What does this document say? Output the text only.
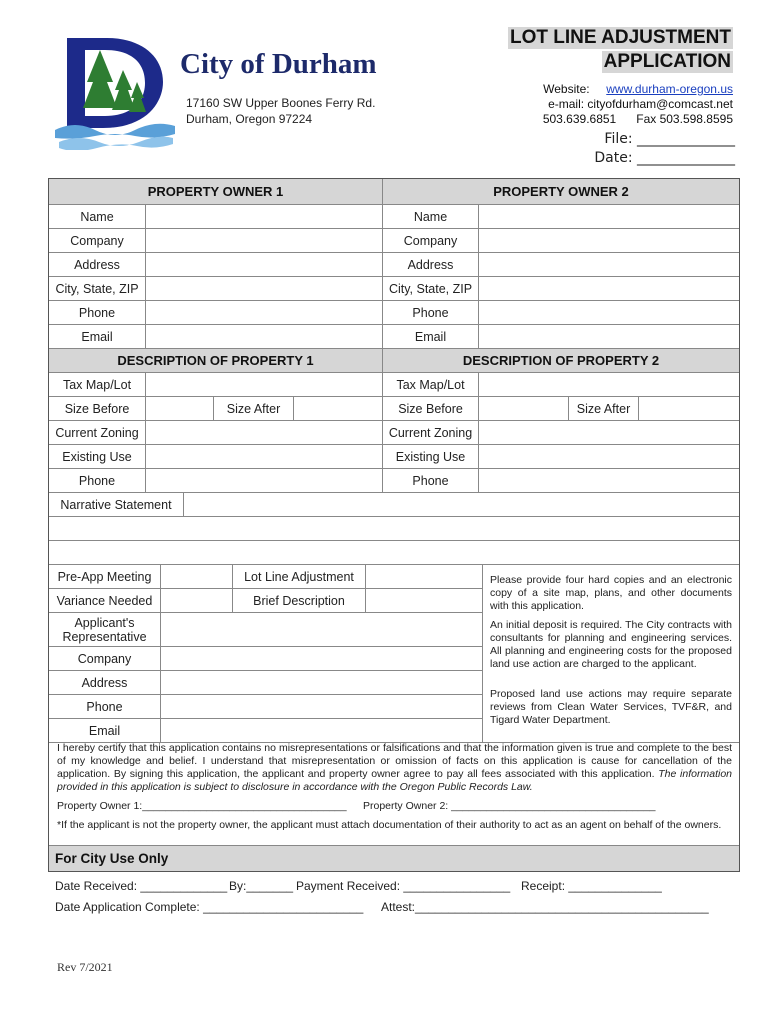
City of Durham
17160 SW Upper Boones Ferry Rd.
Durham, Oregon 97224
LOT LINE ADJUSTMENT
APPLICATION
Website: www.durham-oregon.us
e-mail: cityofdurham@comcast.net
503.639.6851 Fax 503.598.8595
File: ______________
Date: ______________
PROPERTY OWNER 1	PROPERTY OWNER 2
Name	Name
Company	Company
Address	Address
City, State, ZIP	City, State, ZIP
Phone	Phone
Email	Email
DESCRIPTION OF PROPERTY 1	DESCRIPTION OF PROPERTY 2
Tax Map/Lot	Tax Map/Lot
Size Before	Size After	Size Before	Size After
Current Zoning	Current Zoning
Existing Use	Existing Use
Phone	Phone
Narrative Statement
Pre-App Meeting	Lot Line Adjustment
Variance Needed	Brief Description
Applicant's
Representative
Company
Address
Phone
Email
Please provide four hard copies and an electronic copy of a site map, plans, and other documents with this application.
An initial deposit is required. The City contracts with consultants for planning and engineering services. All planning and engineering costs for the proposed land use action are charged to the applicant.
Proposed land use actions may require separate reviews from Clean Water Services, TVF&R, and Tigard Water Department.
I hereby certify that this application contains no misrepresentations or falsifications and that the information given is true and complete to the best of my knowledge and belief. I understand that misrepresentation or omission of facts on this application is cause for cancellation of the application. By signing this application, the applicant and property owner agree to pay all fees associated with this application. The information provided in this application is subject to disclosure in accordance with the Oregon Public Records Law.
Property Owner 1:___________________________________	Property Owner 2: ___________________________________
*If the applicant is not the property owner, the applicant must attach documentation of their authority to act as an agent on behalf of the owners.
For City Use Only
Date Received: _____________ By:_______ Payment Received: ________________ Receipt: ______________
Date Application Complete: ________________________ Attest:____________________________________________
Rev 7/2021
